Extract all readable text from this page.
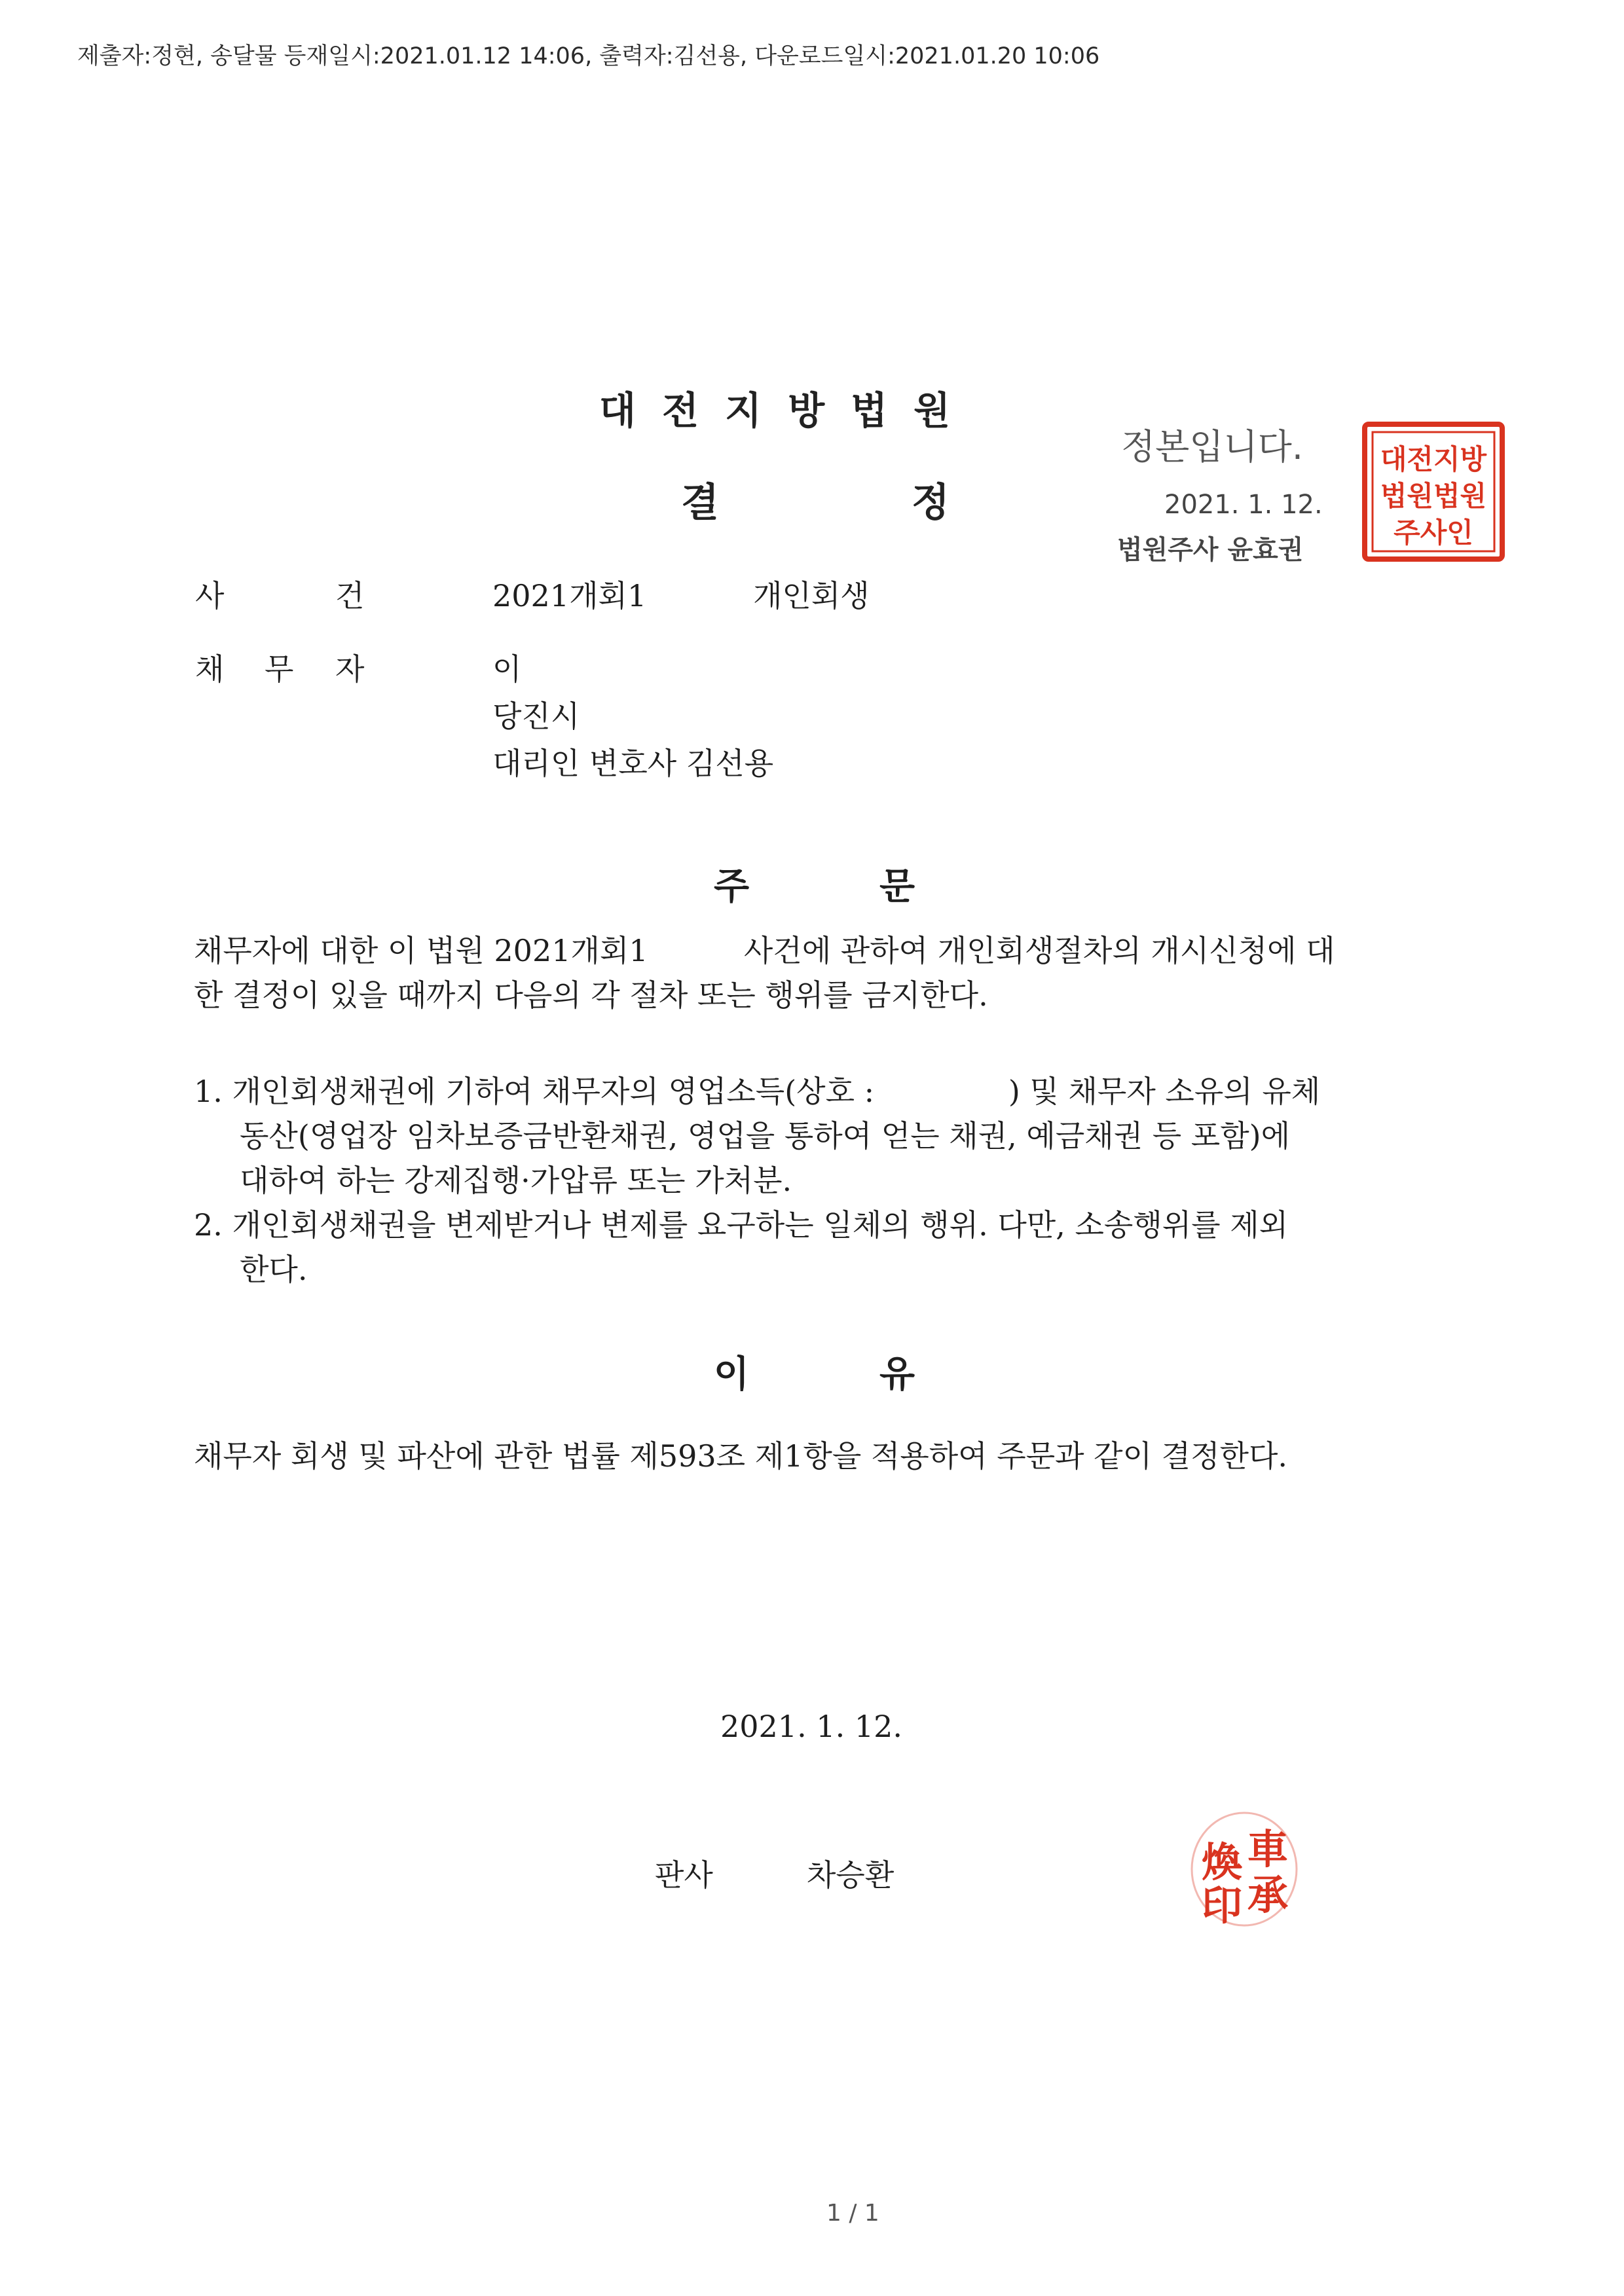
제출자:정현, 송달물 등재일시:2021.01.12 14:06, 출력자:김선용, 다운로드일시:2021.01.20 10:06
대전지방법원
결	정
정본입니다.
2021. 1. 12.
법원주사 윤효권
대전지방
법원법원
주사인
사	건	2021개회1	개인회생
채 무 자	이
당진시
대리인 변호사 김선용
주	문
채무자에 대한 이 법원 2021개회1          사건에 관하여 개인회생절차의 개시신청에 대
한 결정이 있을 때까지 다음의 각 절차 또는 행위를 금지한다.
1. 개인회생채권에 기하여 채무자의 영업소득(상호 :              ) 및 채무자 소유의 유체
동산(영업장 임차보증금반환채권, 영업을 통하여 얻는 채권, 예금채권 등 포함)에
대하여 하는 강제집행·가압류 또는 가처분.
2. 개인회생채권을 변제받거나 변제를 요구하는 일체의 행위. 다만, 소송행위를 제외
한다.
이	유
채무자 회생 및 파산에 관한 법률 제593조 제1항을 적용하여 주문과 같이 결정한다.
2021. 1. 12.
판사	차승환
車
承
煥
印
1 / 1
